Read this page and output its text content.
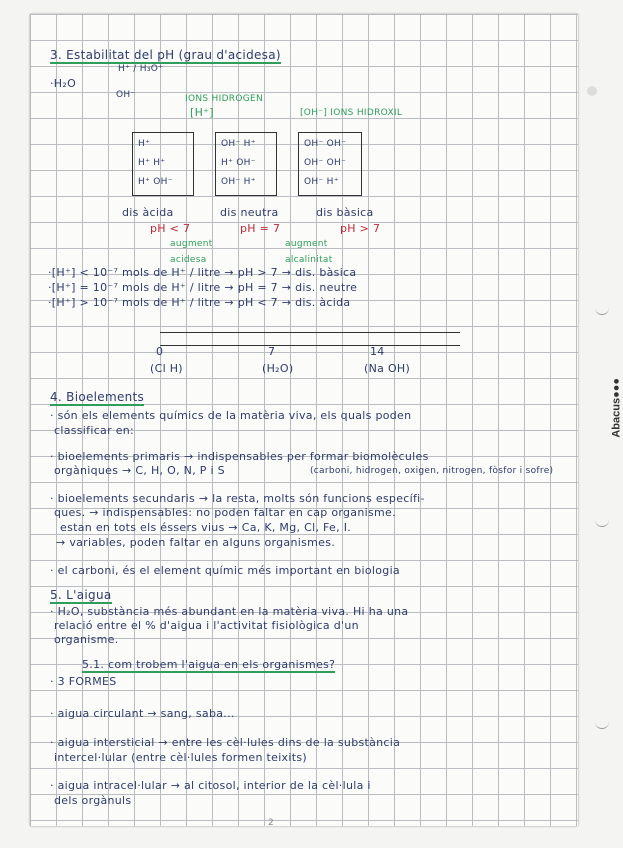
Abacus●●●
3. Estabilitat del pH (grau d'acidesa)
·H₂O
H⁺ / H₃O⁺
OH⁻	IONS HIDROGEN
[H⁺]	[OH⁻] IONS HIDROXIL
H⁺
H⁺ H⁺
H⁺ OH⁻
OH⁻ H⁺
H⁺ OH⁻
OH⁻ H⁺
OH⁻ OH⁻
OH⁻ OH⁻
OH⁻ H⁺
dis àcida	dis neutra	dis bàsica
pH < 7	pH = 7	pH > 7
augment acidesa
augment alcalinitat
·[H⁺] < 10⁻⁷ mols de H⁺ / litre → pH > 7 → dis. bàsica
·[H⁺] = 10⁻⁷ mols de H⁺ / litre → pH = 7 → dis. neutre
·[H⁺] > 10⁻⁷ mols de H⁺ / litre → pH < 7 → dis. àcida
0	7	14
(Cl H)	(H₂O)	(Na OH)
4. Bioelements
· són els elements químics de la matèria viva, els quals poden
classificar en:
· bioelements primaris → indispensables per formar biomolècules
orgàniques → C, H, O, N, P i S	(carboni, hidrogen, oxigen, nitrogen, fòsfor i sofre)
· bioelements secundaris → la resta, molts són funcions específi-
ques. → indispensables: no poden faltar en cap organisme.
estan en tots els éssers vius → Ca, K, Mg, Cl, Fe, I.
→ variables, poden faltar en alguns organismes.
· el carboni, és el element químic més important en biologia
5. L'aigua
· H₂O, substància més abundant en la matèria viva. Hi ha una
relació entre el % d'aigua i l'activitat fisiològica d'un
organisme.
5.1. com trobem l'aigua en els organismes?
· 3 FORMES
· aigua circulant → sang, saba...
· aigua intersticial → entre les cèl·lules dins de la substància
intercel·lular (entre cèl·lules formen teixits)
· aigua intracel·lular → al citosol, interior de la cèl·lula i
dels orgànuls
2
